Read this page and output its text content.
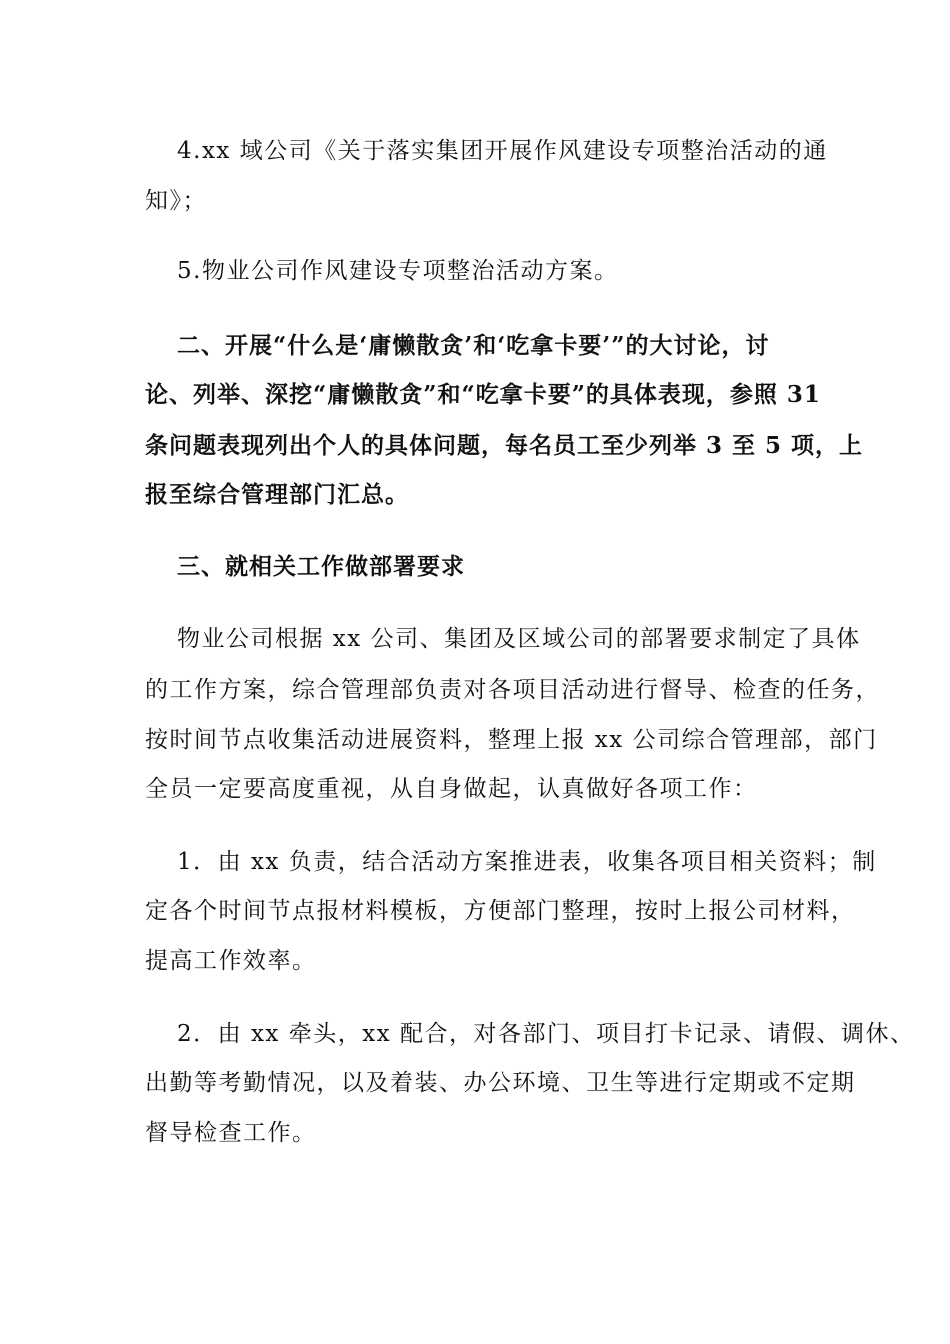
4.xx 域公司《关于落实集团开展作风建设专项整治活动的通
知》；
5.物业公司作风建设专项整治活动方案。
二、开展“什么是‘庸懒散贪’和‘吃拿卡要’”的大讨论，讨
论、列举、深挖“庸懒散贪”和“吃拿卡要”的具体表现，参照 31
条问题表现列出个人的具体问题，每名员工至少列举 3 至 5 项，上
报至综合管理部门汇总。
三、就相关工作做部署要求
物业公司根据 xx 公司、集团及区域公司的部署要求制定了具体
的工作方案，综合管理部负责对各项目活动进行督导、检查的任务，
按时间节点收集活动进展资料，整理上报 xx 公司综合管理部，部门
全员一定要高度重视，从自身做起，认真做好各项工作：
1．由 xx 负责，结合活动方案推进表，收集各项目相关资料；制
定各个时间节点报材料模板，方便部门整理，按时上报公司材料，
提高工作效率。
2．由 xx 牵头，xx 配合，对各部门、项目打卡记录、请假、调休、
出勤等考勤情况，以及着装、办公环境、卫生等进行定期或不定期
督导检查工作。
